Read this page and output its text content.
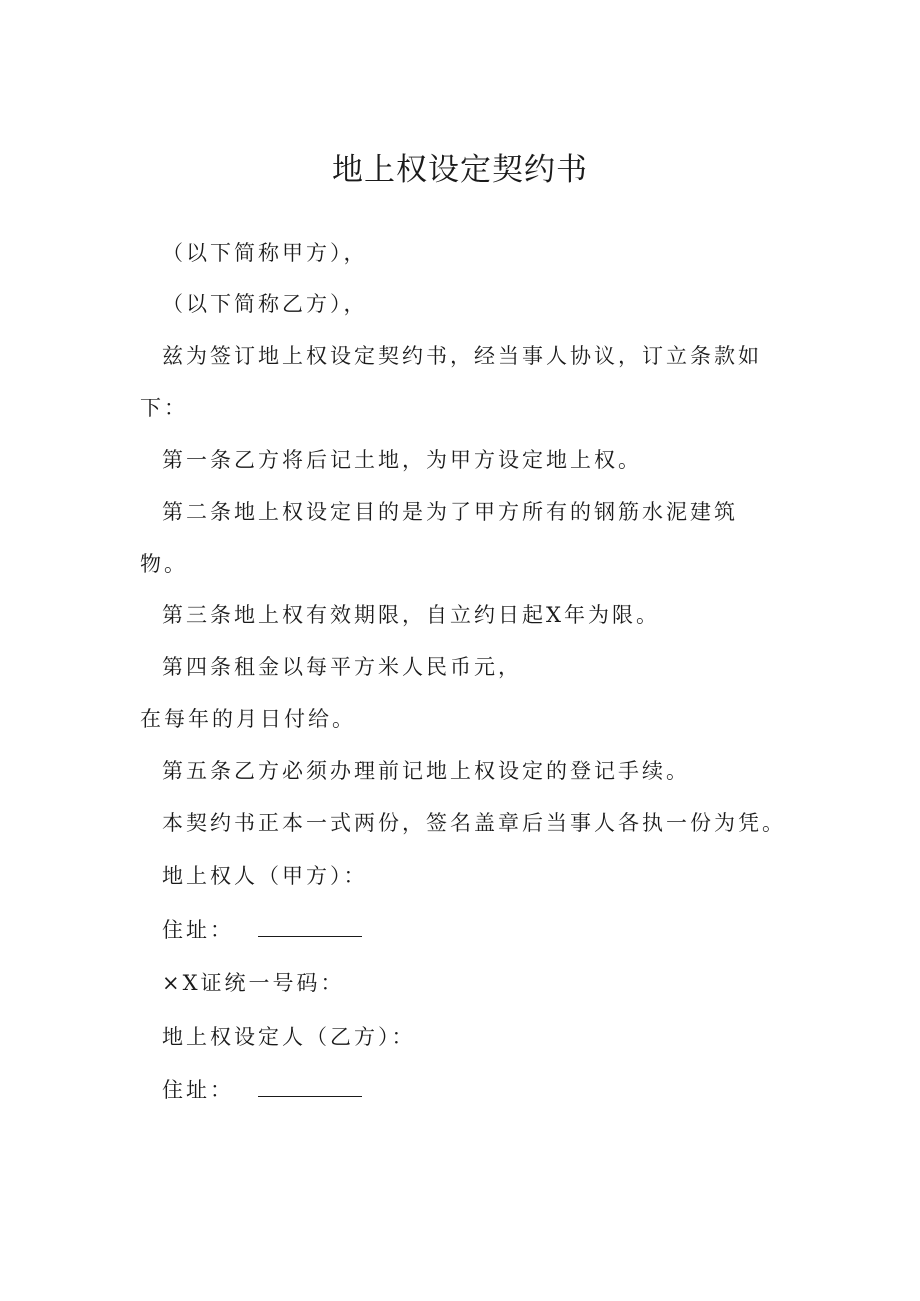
地上权设定契约书
（以下简称甲方），
（以下简称乙方），
兹为签订地上权设定契约书，经当事人协议，订立条款如
下：
第一条乙方将后记土地，为甲方设定地上权。
第二条地上权设定目的是为了甲方所有的钢筋水泥建筑
物。
第三条地上权有效期限，自立约日起X年为限。
第四条租金以每平方米人民币元，
在每年的月日付给。
第五条乙方必须办理前记地上权设定的登记手续。
本契约书正本一式两份，签名盖章后当事人各执一份为凭。
地上权人（甲方）：
住址：
×X证统一号码：
地上权设定人（乙方）：
住址：
